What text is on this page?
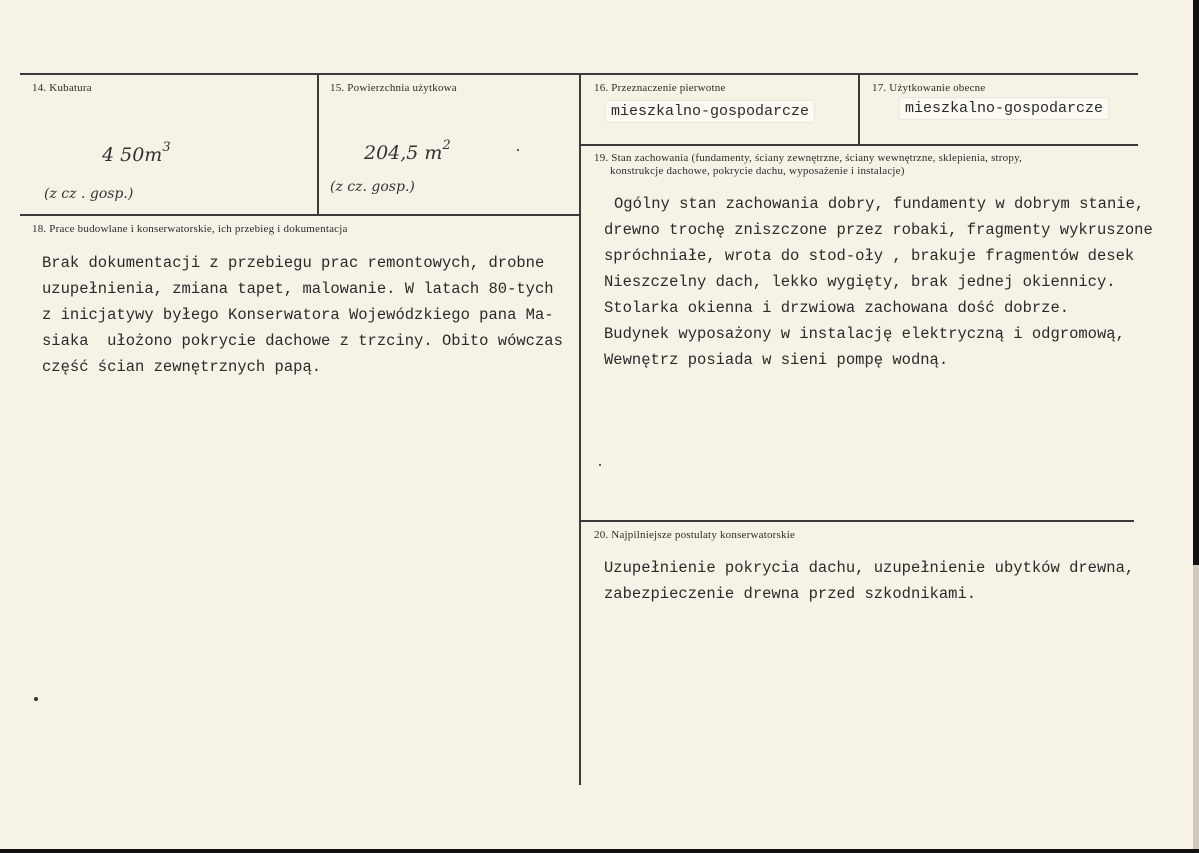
14. Kubatura
4 $50m^3$
(z cz . gosp.)
15. Powierzchnia użytkowa
204,5 $m^2$
(z cz. gosp.)
16. Przeznaczenie pierwotne
mieszkalno-gospodarcze
17. Użytkowanie obecne
mieszkalno-gospodarcze
18. Prace budowlane i konserwatorskie, ich przebieg i dokumentacja
Brak dokumentacji z przebiegu prac remontowych, drobne
uzupełnienia, zmiana tapet, malowanie. W latach 80-tych
z inicjatywy byłego Konserwatora Wojewódzkiego pana Ma-
siaka  ułożono pokrycie dachowe z trzciny. Obito wówczas
część ścian zewnętrznych papą.
19. Stan zachowania (fundamenty, ściany zewnętrzne, ściany wewnętrzne, sklepienia, stropy,
konstrukcje dachowe, pokrycie dachu, wyposażenie i instalacje)
Ogólny stan zachowania dobry, fundamenty w dobrym stanie,
drewno trochę zniszczone przez robaki, fragmenty wykruszone
spróchniałe, wrota do stod-oły , brakuje fragmentów desek
Nieszczelny dach, lekko wygięty, brak jednej okiennicy.
Stolarka okienna i drzwiowa zachowana dość dobrze.
Budynek wyposażony w instalację elektryczną i odgromową,
Wewnętrz posiada w sieni pompę wodną.
20. Najpilniejsze postulaty konserwatorskie
Uzupełnienie pokrycia dachu, uzupełnienie ubytków drewna,
zabezpieczenie drewna przed szkodnikami.
